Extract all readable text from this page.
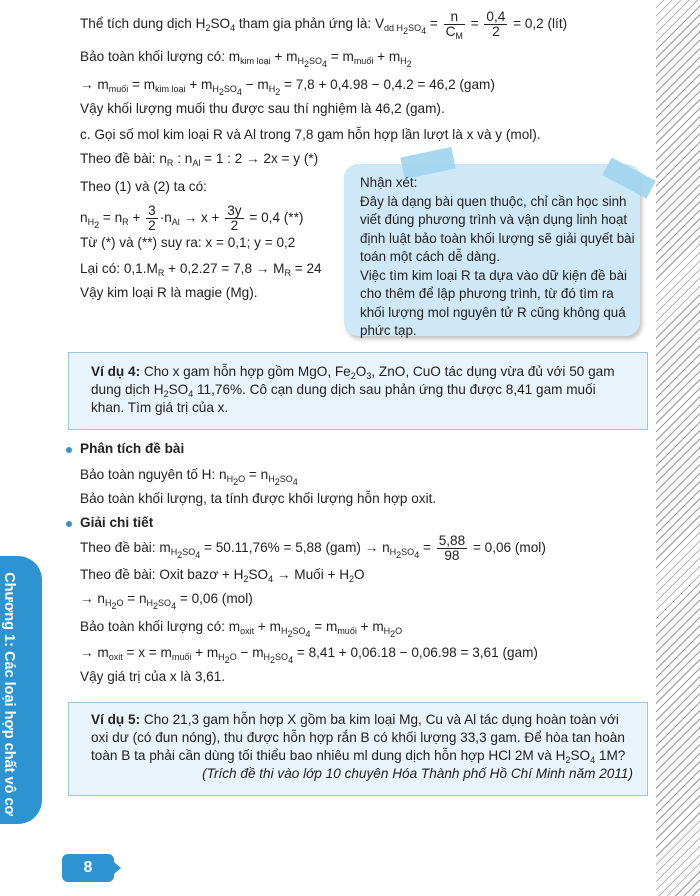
Thể tích dung dịch $H_2SO_4$ tham gia phản ứng là: $V_{dd H_2SO_4} = \frac{n}{C_M} = \frac{0,4}{2} = 0,2$ (lít)
Bảo toàn khối lượng có: $m_{kim loại} + m_{H_2SO_4} = m_{muối} + m_{H_2}$
→ $m_{muối} = m_{kim loại} + m_{H_2SO_4} - m_{H_2} = 7,8 + 0,4.98 - 0,4.2 = 46,2$ (gam)
Vậy khối lượng muối thu được sau thí nghiệm là 46,2 (gam).
c. Gọi số mol kim loại R và Al trong 7,8 gam hỗn hợp lần lượt là x và y (mol).
Theo đề bài: $n_R$ : $n_{Al} = 1$ : 2 → 2x = y (*)
Theo (1) và (2) ta có:
$n_{H_2} = n_R + \frac{3}{2} \cdot n_{Al} \to x + \frac{3y}{2} = 0,4$ (**)
Từ (*) và (**) suy ra: x = 0,1; y = 0,2
Lại có: $0,1.M_R + 0,2.27 = 7,8 \to M_R = 24$
Vậy kim loại R là magie (Mg).
Nhận xét:
Đây là dạng bài quen thuộc, chỉ cần học sinh
viết đúng phương trình và vận dụng linh hoạt
định luật bảo toàn khối lượng sẽ giải quyết bài
toán một cách dễ dàng.
Việc tìm kim loại R ta dựa vào dữ kiện đề bài
cho thêm để lập phương trình, từ đó tìm ra
khối lượng mol nguyên tử R cũng không quá
phức tạp.
Ví dụ 4: Cho x gam hỗn hợp gồm MgO, $Fe_2O_3$, ZnO, CuO tác dụng vừa đủ với 50 gam
dung dịch $H_2SO_4$ 11,76%. Cô cạn dung dịch sau phản ứng thu được 8,41 gam muối
khan. Tìm giá trị của x.
Phân tích đề bài
Bảo toàn nguyên tố H: $n_{H_2O} = n_{H_2SO_4}$
Bảo toàn khối lượng, ta tính được khối lượng hỗn hợp oxit.
Giải chi tiết
Theo đề bài: $m_{H_2SO_4} = 50.11,76\% = 5,88$ $(gam) \to n_{H_2SO_4} = \frac{5,88}{98} = 0,06$ (mol)
Theo đề bài: Oxit bazơ + $H_2SO_4$ → Muối + $H_2O$
→ $n_{H_2O} = n_{H_2SO_4} = 0,06$ (mol)
Bảo toàn khối lượng có: $m_{oxit} + m_{H_2SO_4} = m_{muối} + m_{H_2O}$
→ $m_{oxit} = x = m_{muối} + m_{H_2O} - m_{H_2SO_4} = 8,41 + 0,06.18 - 0,06.98 = 3,61$ (gam)
Vậy giá trị của x là 3,61.
Ví dụ 5: Cho 21,3 gam hỗn hợp X gồm ba kim loại Mg, Cu và Al tác dụng hoàn toàn với
oxi dư (có đun nóng), thu được hỗn hợp rắn B có khối lượng 33,3 gam. Để hòa tan hoàn
toàn B ta phải cần dùng tối thiểu bao nhiêu ml dung dịch hỗn hợp HCl 2M và $H_2SO_4$ 1M?
(Trích đề thi vào lớp 10 chuyên Hóa Thành phố Hồ Chí Minh năm 2011)
Chương 1: Các loại hợp chất vô cơ
8
